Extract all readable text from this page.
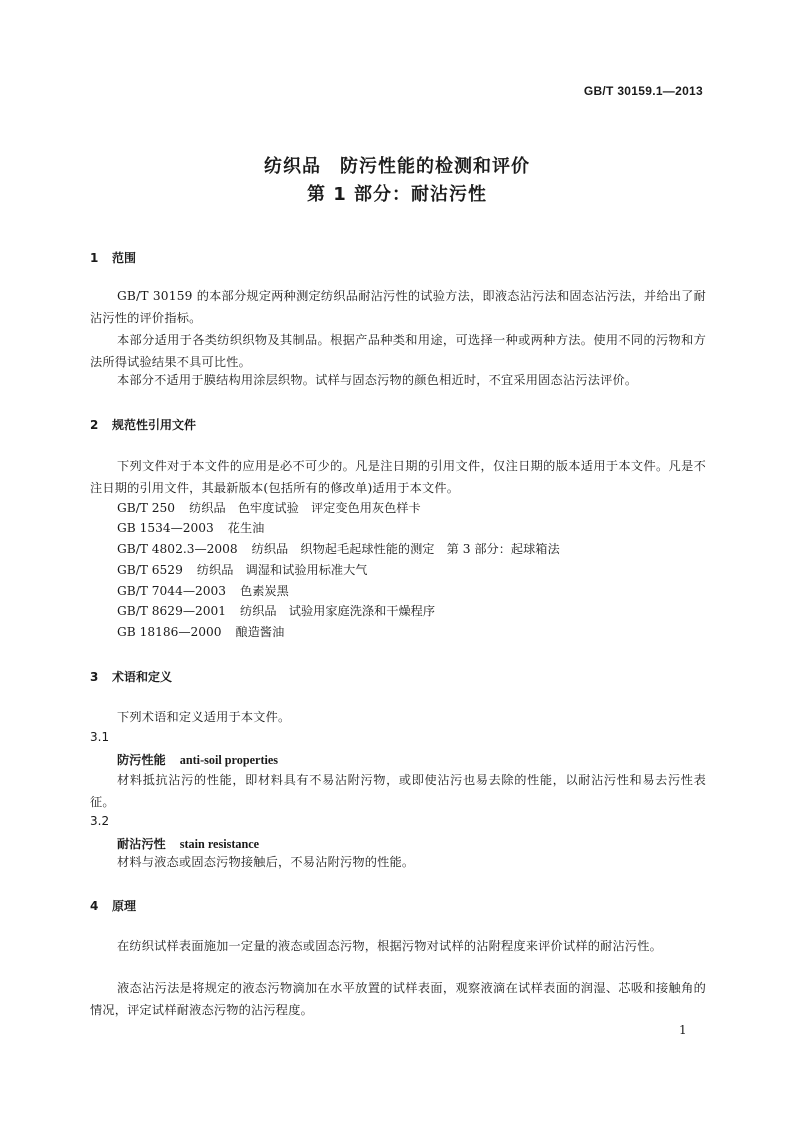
GB/T 30159.1—2013
纺织品　防污性能的检测和评价
第 1 部分：耐沾污性
1 范围
GB/T 30159 的本部分规定两种测定纺织品耐沾污性的试验方法，即液态沾污法和固态沾污法，并给出了耐沾污性的评价指标。
本部分适用于各类纺织织物及其制品。根据产品种类和用途，可选择一种或两种方法。使用不同的污物和方法所得试验结果不具可比性。
本部分不适用于膜结构用涂层织物。试样与固态污物的颜色相近时，不宜采用固态沾污法评价。
2 规范性引用文件
下列文件对于本文件的应用是必不可少的。凡是注日期的引用文件，仅注日期的版本适用于本文件。凡是不注日期的引用文件，其最新版本(包括所有的修改单)适用于本文件。
GB/T 250 纺织品　色牢度试验　评定变色用灰色样卡
GB 1534—2003 花生油
GB/T 4802.3—2008 纺织品　织物起毛起球性能的测定　第 3 部分：起球箱法
GB/T 6529 纺织品　调湿和试验用标准大气
GB/T 7044—2003 色素炭黑
GB/T 8629—2001 纺织品　试验用家庭洗涤和干燥程序
GB 18186—2000 酿造酱油
3 术语和定义
下列术语和定义适用于本文件。
3.1
防污性能 anti-soil properties
材料抵抗沾污的性能，即材料具有不易沾附污物，或即使沾污也易去除的性能，以耐沾污性和易去污性表征。
3.2
耐沾污性 stain resistance
材料与液态或固态污物接触后，不易沾附污物的性能。
4 原理
在纺织试样表面施加一定量的液态或固态污物，根据污物对试样的沾附程度来评价试样的耐沾污性。
液态沾污法是将规定的液态污物滴加在水平放置的试样表面，观察液滴在试样表面的润湿、芯吸和接触角的情况，评定试样耐液态污物的沾污程度。
1
